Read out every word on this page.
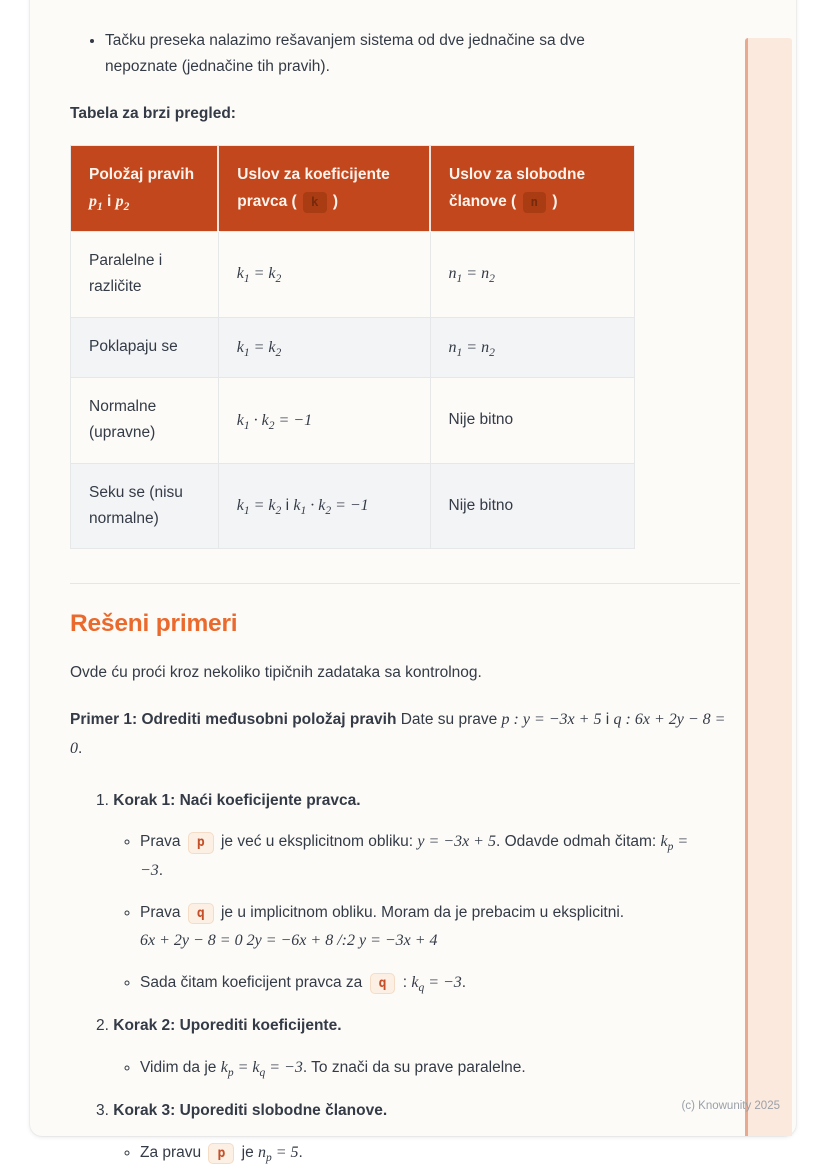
• Tačku preseka nalazimo rešavanjem sistema od dve jednačine sa dve nepoznate (jednačine tih pravih).

Tabela za brzi pregled:

Položaj pravih $p_1$ i $p_2$	Uslov za koeficijente pravca ( k )	Uslov za slobodne članove ( n )
Paralelne i različite	$k_1 = k_2$	$n_1 = n_2$
Poklapaju se	$k_1 = k_2$	$n_1 = n_2$
Normalne (upravne)	$k_1 \cdot k_2 = -1$	Nije bitno
Seku se (nisu normalne)	$k_1 = k_2$ i $k_1 \cdot k_2 = -1$	Nije bitno
Rešeni primeri

Ovde ću proći kroz nekoliko tipičnih zadataka sa kontrolnog.

Primer 1: Odrediti međusobni položaj pravih Date su prave p : y = −3x + 5 i q : 6x + 2y − 8 = 0.

1. Korak 1: Naći koeficijente pravca.
◦ Prava p je već u eksplicitnom obliku: y = −3x + 5. Odavde odmah čitam: $k_p = -3$.
◦ Prava q je u implicitnom obliku. Moram da je prebacim u eksplicitni.
6x + 2y − 8 = 0 2y = −6x + 8 /:2 y = −3x + 4
◦ Sada čitam koeficijent pravca za q : $k_q = -3$.
2. Korak 2: Uporediti koeficijente.
◦ Vidim da je $k_p = k_q = -3$. To znači da su prave paralelne.
3. Korak 3: Uporediti slobodne članove.
◦ Za pravu p je $n_p = 5$.
(c) Knowunity 2025
